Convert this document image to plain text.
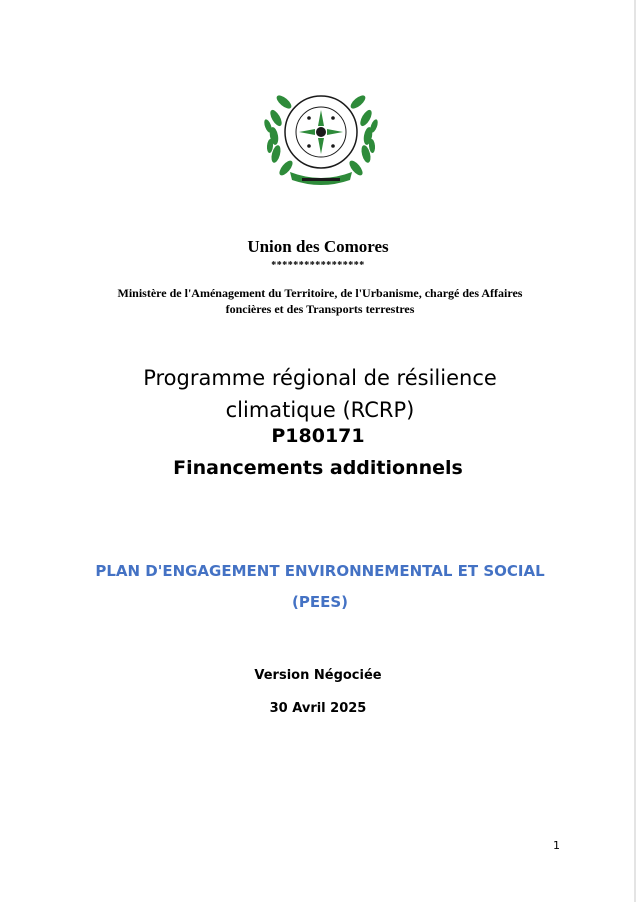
Union des Comores
*****************
Ministère de l'Aménagement du Territoire, de l'Urbanisme, chargé des Affaires
foncières et des Transports terrestres
Programme régional de résilience
climatique (RCRP)
P180171
Financements additionnels
PLAN D'ENGAGEMENT ENVIRONNEMENTAL ET SOCIAL
(PEES)
Version Négociée
30 Avril 2025
1
